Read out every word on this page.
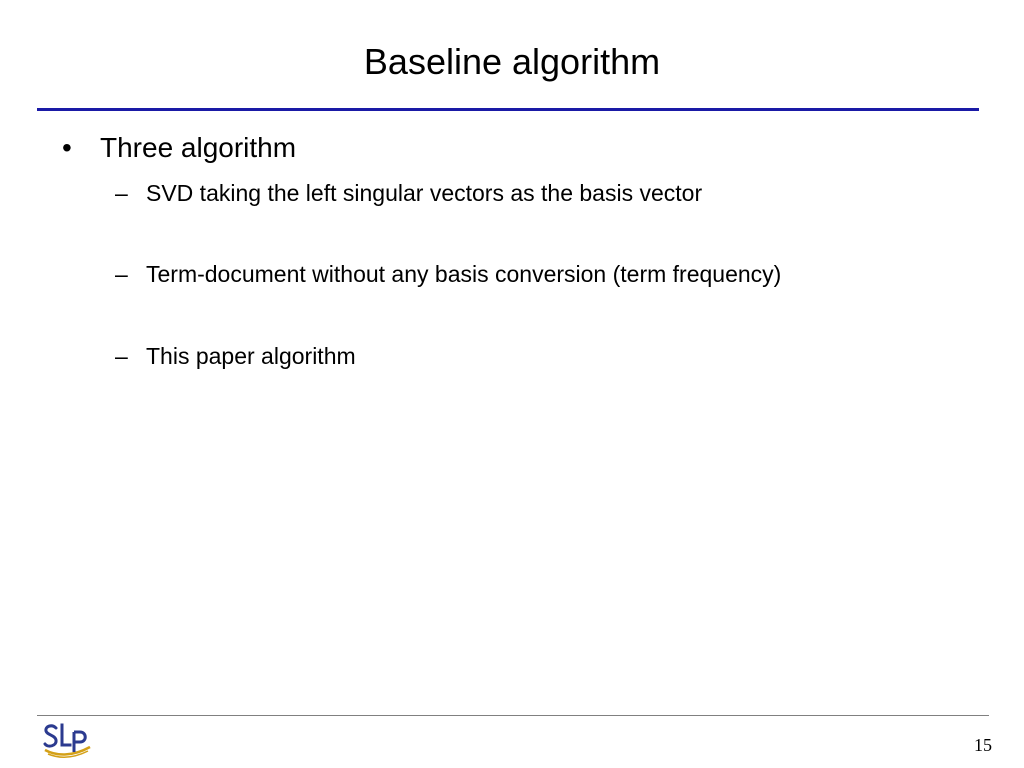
Baseline algorithm
• Three algorithm
– SVD taking the left singular vectors as the basis vector
– Term-document without any basis conversion (term frequency)
– This paper algorithm
15
